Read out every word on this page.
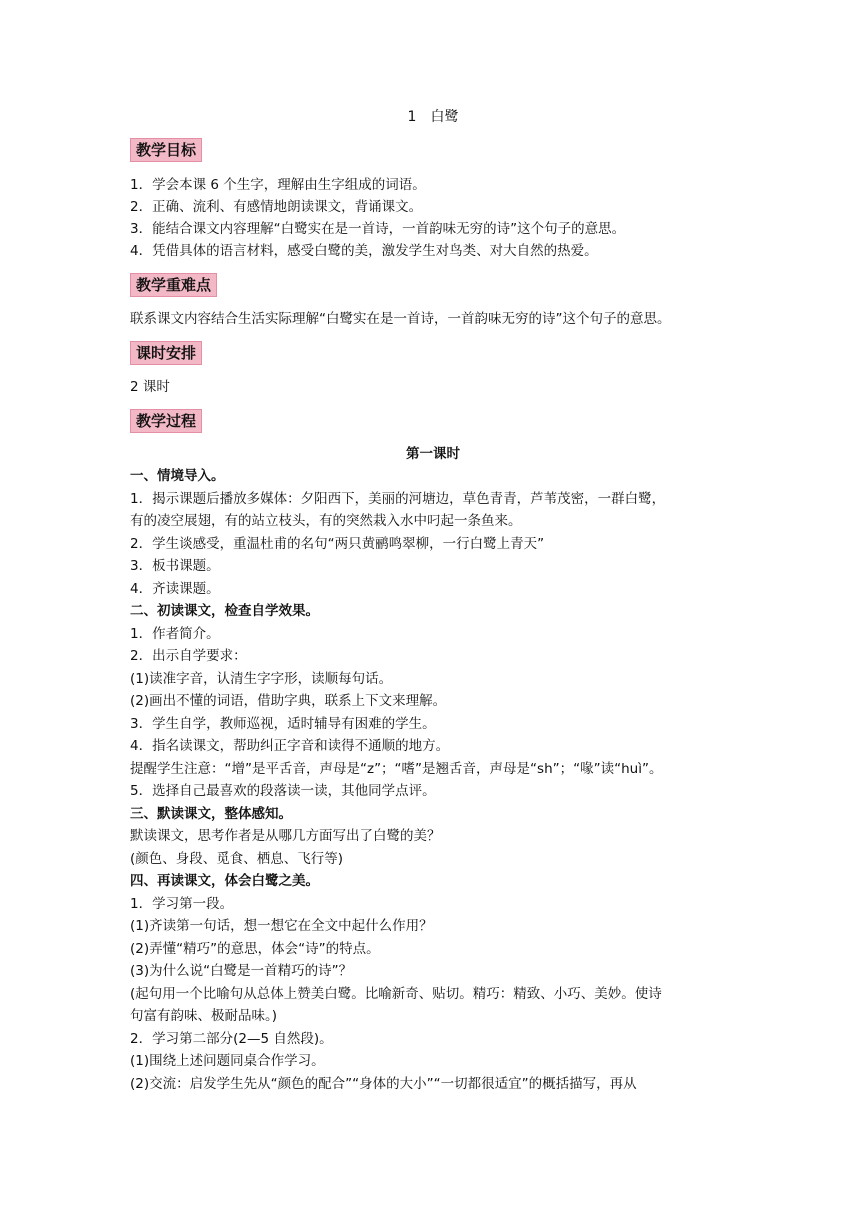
1　白鹭
教学目标
1．学会本课 6 个生字，理解由生字组成的词语。
2．正确、流利、有感情地朗读课文，背诵课文。
3．能结合课文内容理解“白鹭实在是一首诗，一首韵味无穷的诗”这个句子的意思。
4．凭借具体的语言材料，感受白鹭的美，激发学生对鸟类、对大自然的热爱。
教学重难点
联系课文内容结合生活实际理解“白鹭实在是一首诗，一首韵味无穷的诗”这个句子的意思。
课时安排
2 课时
教学过程
第一课时
一、情境导入。
1．揭示课题后播放多媒体：夕阳西下，美丽的河塘边，草色青青，芦苇茂密，一群白鹭，
有的凌空展翅，有的站立枝头，有的突然栽入水中叼起一条鱼来。
2．学生谈感受，重温杜甫的名句“两只黄鹂鸣翠柳，一行白鹭上青天”
3．板书课题。
4．齐读课题。
二、初读课文，检查自学效果。
1．作者简介。
2．出示自学要求：
(1)读准字音，认清生字字形，读顺每句话。
(2)画出不懂的词语，借助字典，联系上下文来理解。
3．学生自学，教师巡视，适时辅导有困难的学生。
4．指名读课文，帮助纠正字音和读得不通顺的地方。
提醒学生注意：“增”是平舌音，声母是“z”；“嗜”是翘舌音，声母是“sh”；“喙”读“huì”。
5．选择自己最喜欢的段落读一读，其他同学点评。
三、默读课文，整体感知。
默读课文，思考作者是从哪几方面写出了白鹭的美？
(颜色、身段、觅食、栖息、飞行等)
四、再读课文，体会白鹭之美。
1．学习第一段。
(1)齐读第一句话，想一想它在全文中起什么作用？
(2)弄懂“精巧”的意思，体会“诗”的特点。
(3)为什么说“白鹭是一首精巧的诗”？
(起句用一个比喻句从总体上赞美白鹭。比喻新奇、贴切。精巧：精致、小巧、美妙。使诗
句富有韵味、极耐品味。)
2．学习第二部分(2—5 自然段)。
(1)围绕上述问题同桌合作学习。
(2)交流：启发学生先从“颜色的配合”“身体的大小”“一切都很适宜”的概括描写，再从
